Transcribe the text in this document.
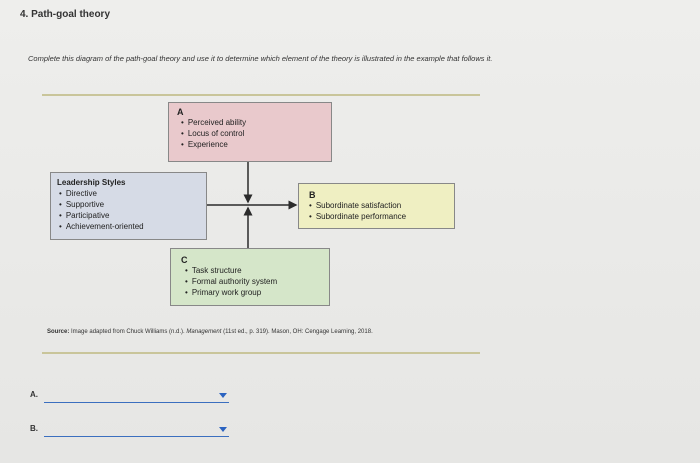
4. Path-goal theory
Complete this diagram of the path-goal theory and use it to determine which element of the theory is illustrated in the example that follows it.
A
• Perceived ability
• Locus of control
• Experience
Leadership Styles
• Directive
• Supportive
• Participative
• Achievement-oriented
B
• Subordinate satisfaction
• Subordinate performance
C
• Task structure
• Formal authority system
• Primary work group
Source: Image adapted from Chuck Williams (n.d.). Management (11st ed., p. 319). Mason, OH: Cengage Learning, 2018.
A.
B.
